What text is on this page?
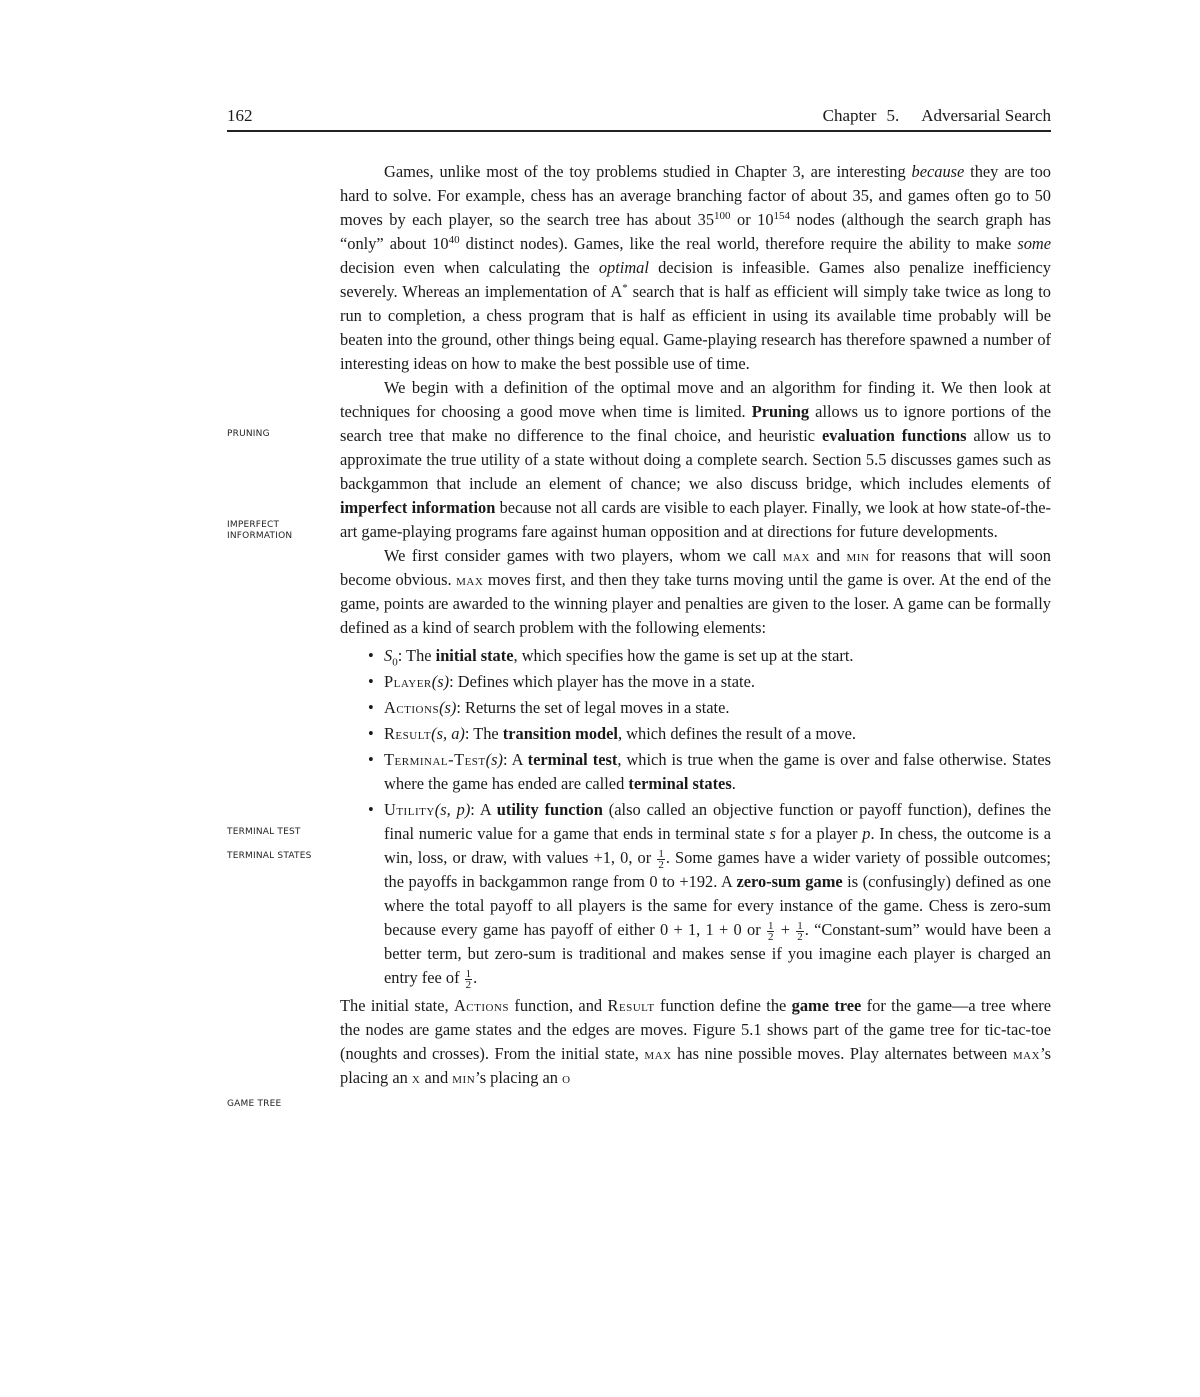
162	Chapter 5. Adversarial Search
PRUNING
IMPERFECT INFORMATION
TERMINAL TEST
TERMINAL STATES
GAME TREE

Games, unlike most of the toy problems studied in Chapter 3, are interesting because they are too hard to solve. For example, chess has an average branching factor of about 35, and games often go to 50 moves by each player, so the search tree has about $35^{100}$ or $10^{154}$ nodes (although the search graph has “only” about $10^{40}$ distinct nodes). Games, like the real world, therefore require the ability to make some decision even when calculating the optimal decision is infeasible. Games also penalize inefficiency severely. Whereas an implementation of A* search that is half as efficient will simply take twice as long to run to completion, a chess program that is half as efficient in using its available time probably will be beaten into the ground, other things being equal. Game-playing research has therefore spawned a number of interesting ideas on how to make the best possible use of time.

We begin with a definition of the optimal move and an algorithm for finding it. We then look at techniques for choosing a good move when time is limited. Pruning allows us to ignore portions of the search tree that make no difference to the final choice, and heuristic evaluation functions allow us to approximate the true utility of a state without doing a complete search. Section 5.5 discusses games such as backgammon that include an element of chance; we also discuss bridge, which includes elements of imperfect information because not all cards are visible to each player. Finally, we look at how state-of-the-art game-playing programs fare against human opposition and at directions for future developments.

We first consider games with two players, whom we call max and min for reasons that will soon become obvious. max moves first, and then they take turns moving until the game is over. At the end of the game, points are awarded to the winning player and penalties are given to the loser. A game can be formally defined as a kind of search problem with the following elements:

• $S_0$: The initial state, which specifies how the game is set up at the start.
• Player(s): Defines which player has the move in a state.
• Actions(s): Returns the set of legal moves in a state.
• Result(s, a): The transition model, which defines the result of a move.
• Terminal-Test(s): A terminal test, which is true when the game is over and false otherwise. States where the game has ended are called terminal states.
• Utility(s, p): A utility function (also called an objective function or payoff function), defines the final numeric value for a game that ends in terminal state s for a player p. In chess, the outcome is a win, loss, or draw, with values +1, 0, or $\frac{1}{2}$ . Some games have a wider variety of possible outcomes; the payoffs in backgammon range from 0 to +192. A zero-sum game is (confusingly) defined as one where the total payoff to all players is the same for every instance of the game. Chess is zero-sum because every game has payoff of either 0 + 1, 1 + 0 or $\frac{1}{2} + \frac{1}{2}$ . “Constant-sum” would have been a better term, but zero-sum is traditional and makes sense if you imagine each player is charged an entry fee of $\frac{1}{2}$ .

The initial state, Actions function, and Result function define the game tree for the game—a tree where the nodes are game states and the edges are moves. Figure 5.1 shows part of the game tree for tic-tac-toe (noughts and crosses). From the initial state, max has nine possible moves. Play alternates between max’s placing an x and min’s placing an o
